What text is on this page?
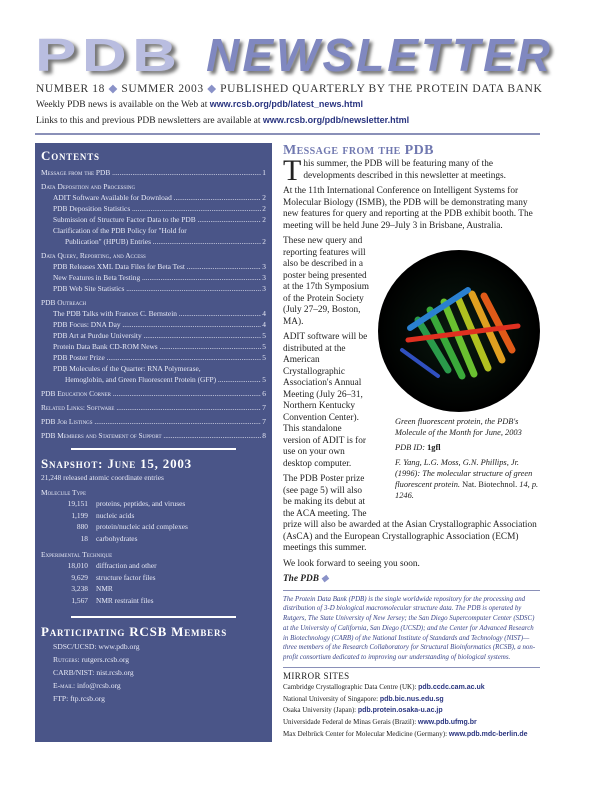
PDB NEWSLETTER
NUMBER 18 ◆ SUMMER 2003 ◆ PUBLISHED QUARTERLY BY THE PROTEIN DATA BANK
Weekly PDB news is available on the Web at www.rcsb.org/pdb/latest_news.html
Links to this and previous PDB newsletters are available at www.rcsb.org/pdb/newsletter.html
Contents
Message from the PDB .....	1
Data Deposition and Processing
ADIT Software Available for Download .....	2
PDB Deposition Statistics .....	2
Submission of Structure Factor Data to the PDB .....	2
Clarification of the PDB Policy for "Hold for
Publication" (HPUB) Entries .....	2
Data Query, Reporting, and Access
PDB Releases XML Data Files for Beta Test .....	3
New Features in Beta Testing .....	3
PDB Web Site Statistics .....	3
PDB Outreach
The PDB Talks with Frances C. Bernstein .....	4
PDB Focus: DNA Day .....	4
PDB Art at Purdue University .....	5
Protein Data Bank CD-ROM News .....	5
PDB Poster Prize .....	5
PDB Molecules of the Quarter: RNA Polymerase,
Hemoglobin, and Green Fluorescent Protein (GFP) .....	5
PDB Education Corner .....	6
Related Links: Software .....	7
PDB Job Listings .....	7
PDB Members and Statement of Support .....	8
Snapshot: June 15, 2003
21,248 released atomic coordinate entries
Molecule Type
19,151	proteins, peptides, and viruses
1,199	nucleic acids
880	protein/nucleic acid complexes
18	carbohydrates
Experimental Technique
18,010	diffraction and other
9,629	structure factor files
3,238	NMR
1,567	NMR restraint files
Participating RCSB Members
SDSC/UCSD: www.pdb.org
Rutgers: rutgers.rcsb.org
CARB/NIST: nist.rcsb.org
E-mail: info@rcsb.org
FTP: ftp.rcsb.org
Message from the PDB

This summer, the PDB will be featuring many of the developments described in this newsletter at meetings.

At the 11th International Conference on Intelligent Systems for Molecular Biology (ISMB), the PDB will be demonstrating many new features for query and reporting at the PDB exhibit booth. The meeting will be held June 29–July 3 in Brisbane, Australia.

Green fluorescent protein, the PDB's Molecule of the Month for June, 2003

PDB ID: 1gfl

F. Yang, L.G. Moss, G.N. Phillips, Jr. (1996): The molecular structure of green fluorescent protein. Nat. Biotechnol. 14, p. 1246.

These new query and reporting features will also be described in a poster being presented at the 17th Symposium of the Protein Society (July 27–29, Boston, MA).

ADIT software will be distributed at the American Crystallographic Association's Annual Meeting (July 26–31, Northern Kentucky Convention Center). This standalone version of ADIT is for use on your own desktop computer.

The PDB Poster prize (see page 5) will also be making its debut at the ACA meeting. The prize will also be awarded at the Asian Crystallographic Association (AsCA) and the European Crystallographic Association (ECM) meetings this summer.

We look forward to seeing you soon.

The PDB ◆

The Protein Data Bank (PDB) is the single worldwide repository for the processing and distribution of 3-D biological macromolecular structure data. The PDB is operated by Rutgers, The State University of New Jersey; the San Diego Supercomputer Center (SDSC) at the University of California, San Diego (UCSD); and the Center for Advanced Research in Biotechnology (CARB) of the National Institute of Standards and Technology (NIST)—three members of the Research Collaboratory for Structural Bioinformatics (RCSB), a non-profit consortium dedicated to improving our understanding of biological systems.
MIRROR SITES
Cambridge Crystallographic Data Centre (UK): pdb.ccdc.cam.ac.uk
National University of Singapore: pdb.bic.nus.edu.sg
Osaka University (Japan): pdb.protein.osaka-u.ac.jp
Universidade Federal de Minas Gerais (Brazil): www.pdb.ufmg.br
Max Delbrück Center for Molecular Medicine (Germany): www.pdb.mdc-berlin.de
